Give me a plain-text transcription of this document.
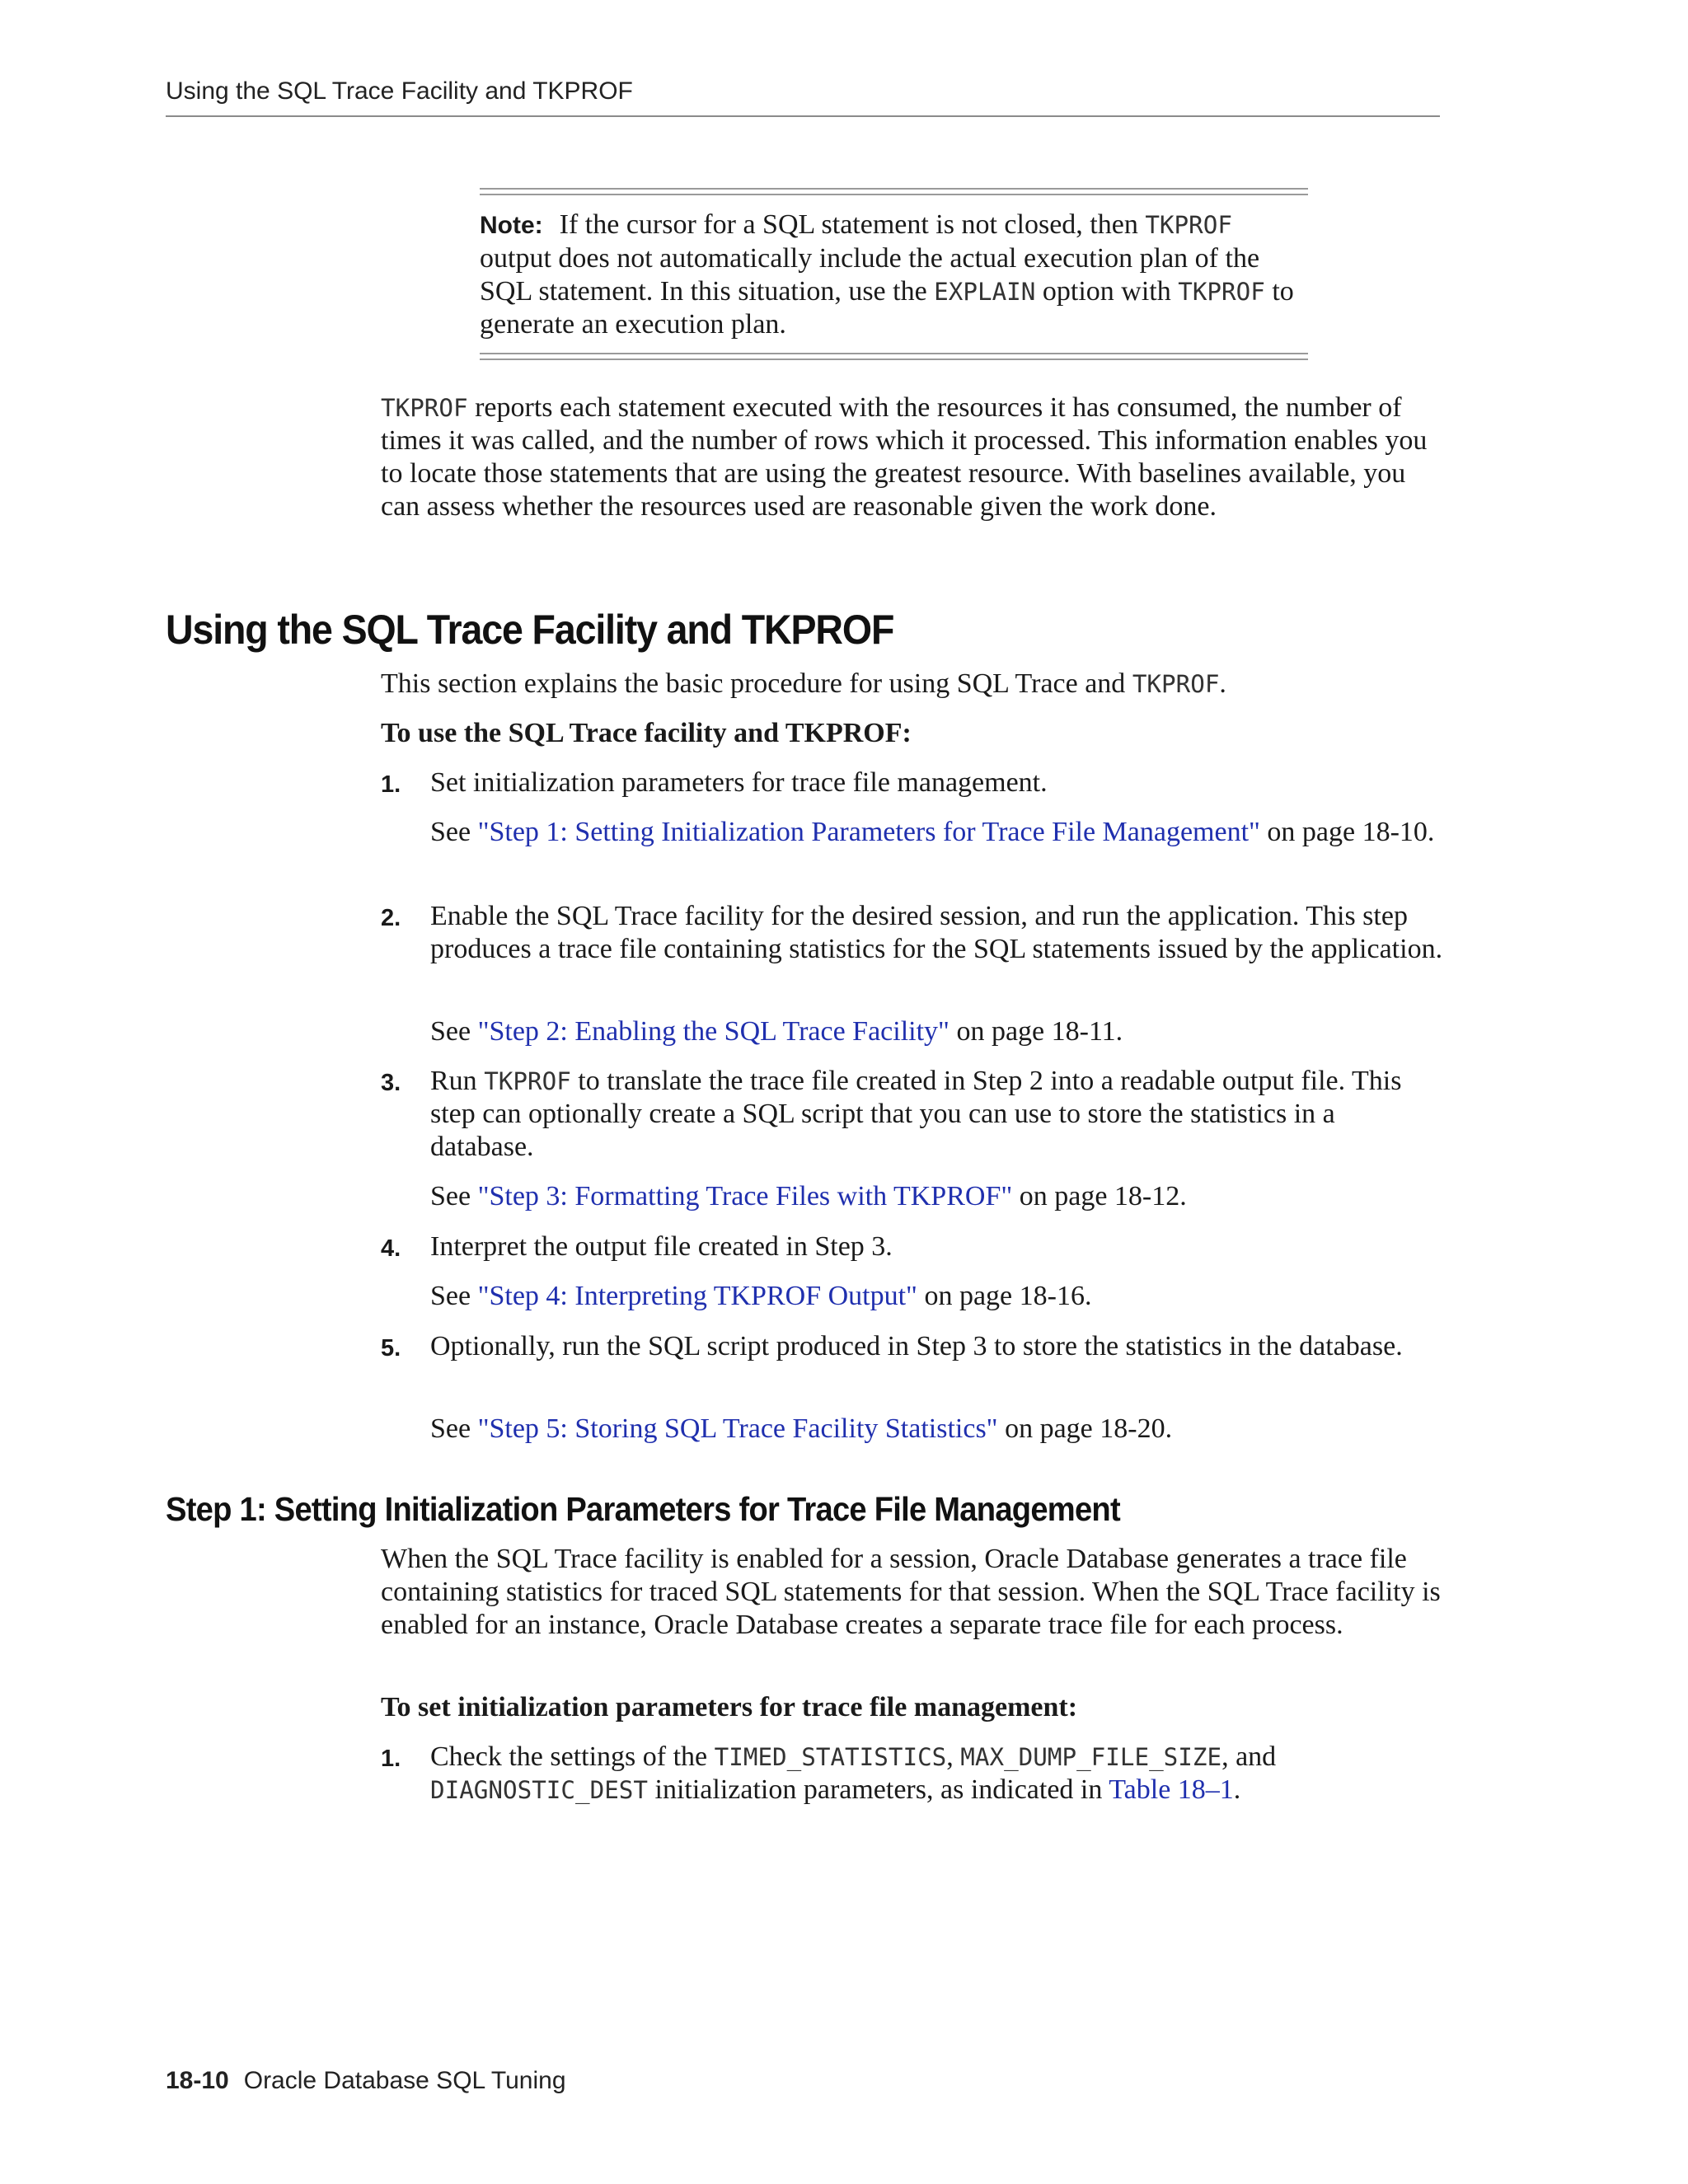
Using the SQL Trace Facility and TKPROF
Note: If the cursor for a SQL statement is not closed, then TKPROF output does not automatically include the actual execution plan of the SQL statement. In this situation, use the EXPLAIN option with TKPROF to generate an execution plan.
TKPROF reports each statement executed with the resources it has consumed, the number of times it was called, and the number of rows which it processed. This information enables you to locate those statements that are using the greatest resource. With baselines available, you can assess whether the resources used are reasonable given the work done.
Using the SQL Trace Facility and TKPROF
This section explains the basic procedure for using SQL Trace and TKPROF.
To use the SQL Trace facility and TKPROF:
1. Set initialization parameters for trace file management.
See "Step 1: Setting Initialization Parameters for Trace File Management" on page 18-10.
2. Enable the SQL Trace facility for the desired session, and run the application. This step produces a trace file containing statistics for the SQL statements issued by the application.
See "Step 2: Enabling the SQL Trace Facility" on page 18-11.
3. Run TKPROF to translate the trace file created in Step 2 into a readable output file. This step can optionally create a SQL script that you can use to store the statistics in a database.
See "Step 3: Formatting Trace Files with TKPROF" on page 18-12.
4. Interpret the output file created in Step 3.
See "Step 4: Interpreting TKPROF Output" on page 18-16.
5. Optionally, run the SQL script produced in Step 3 to store the statistics in the database.
See "Step 5: Storing SQL Trace Facility Statistics" on page 18-20.
Step 1: Setting Initialization Parameters for Trace File Management
When the SQL Trace facility is enabled for a session, Oracle Database generates a trace file containing statistics for traced SQL statements for that session. When the SQL Trace facility is enabled for an instance, Oracle Database creates a separate trace file for each process.
To set initialization parameters for trace file management:
1. Check the settings of the TIMED_STATISTICS, MAX_DUMP_FILE_SIZE, and
DIAGNOSTIC_DEST initialization parameters, as indicated in Table 18–1.
18-10 Oracle Database SQL Tuning
